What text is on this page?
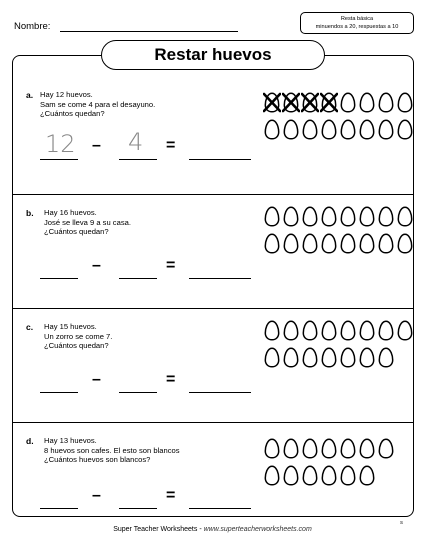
Nombre:
Resta básica
minuendos a 20, respuestas a 10
Restar huevos
a. Hay 12 huevos.
Sam se come 4 para el desayuno.
¿Cuántos quedan?
12 – 4 =
b. Hay 16 huevos.
José se lleva 9 a su casa.
¿Cuántos quedan?
–	=
c. Hay 15 huevos.
Un zorro se come 7.
¿Cuántos quedan?
–	=
d. Hay 13 huevos.
8 huevos son cafes. El esto son blancos
¿Cuántos huevos son blancos?
–	=
Super Teacher Worksheets - www.superteacherworksheets.com
S
